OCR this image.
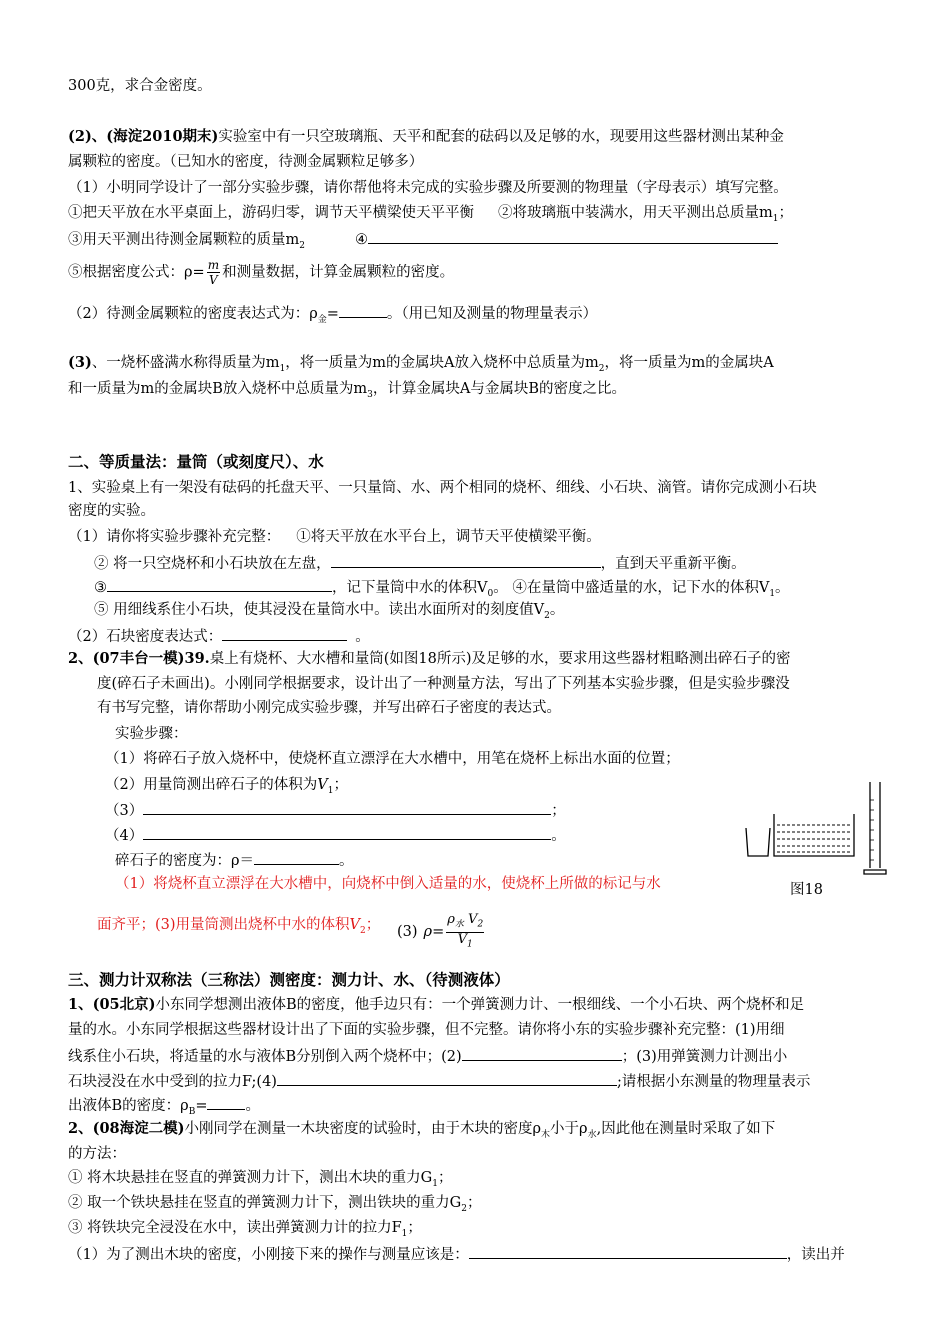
300克，求合金密度。
(2)、(海淀2010期末)实验室中有一只空玻璃瓶、天平和配套的砝码以及足够的水，现要用这些器材测出某种金
属颗粒的密度。（已知水的密度，待测金属颗粒足够多）
（1）小明同学设计了一部分实验步骤，请你帮他将未完成的实验步骤及所要测的物理量（字母表示）填写完整。
①把天平放在水平桌面上，游码归零，调节天平横梁使天平平衡 ②将玻璃瓶中装满水，用天平测出总质量$m_1$；
③用天平测出待测金属颗粒的质量$m_2$	④
⑤根据密度公式：$\rho= \frac{m}{V}$ 和测量数据，计算金属颗粒的密度。
（2）待测金属颗粒的密度表达式为：$\rho_金=$	。（用已知及测量的物理量表示）
(3)、一烧杯盛满水称得质量为$m_1$，将一质量为m的金属块A放入烧杯中总质量为$m_2$，将一质量为m的金属块A
和一质量为m的金属块B放入烧杯中总质量为$m_3$，计算金属块A与金属块B的密度之比。
二、等质量法：量筒（或刻度尺）、水
1、实验桌上有一架没有砝码的托盘天平、一只量筒、水、两个相同的烧杯、细线、小石块、滴管。请你完成测小石块
密度的实验。
（1）请你将实验步骤补充完整： ①将天平放在水平台上，调节天平使横梁平衡。
② 将一只空烧杯和小石块放在左盘，	，直到天平重新平衡。
③	，记下量筒中水的体积$V_0$。 ④在量筒中盛适量的水，记下水的体积$V_1$。
⑤ 用细线系住小石块，使其浸没在量筒水中。读出水面所对的刻度值$V_2$。
（2）石块密度表达式：	。
2、(07丰台一模)39.桌上有烧杯、大水槽和量筒(如图18所示)及足够的水，要求用这些器材粗略测出碎石子的密
度(碎石子未画出)。小刚同学根据要求，设计出了一种测量方法，写出了下列基本实验步骤，但是实验步骤没
有书写完整，请你帮助小刚完成实验步骤，并写出碎石子密度的表达式。
实验步骤：
（1）将碎石子放入烧杯中，使烧杯直立漂浮在大水槽中，用笔在烧杯上标出水面的位置；
（2）用量筒测出碎石子的体积为$V_1$；
（3）	；
（4）	。
碎石子的密度为：ρ＝	。
（1）将烧杯直立漂浮在大水槽中，向烧杯中倒入适量的水，使烧杯上所做的标记与水	图18
面齐平；(3)用量筒测出烧杯中水的体积$V_2$； (3) $\rho= \frac{\rho_水 V_2}{V_1}$
三、测力计双称法（三称法）测密度：测力计、水、（待测液体）
1、(05北京)小东同学想测出液体B的密度，他手边只有：一个弹簧测力计、一根细线、一个小石块、两个烧杯和足
量的水。小东同学根据这些器材设计出了下面的实验步骤，但不完整。请你将小东的实验步骤补充完整：(1)用细
线系住小石块，将适量的水与液体B分别倒入两个烧杯中；(2)	；(3)用弹簧测力计测出小
石块浸没在水中受到的拉力F;(4)	;请根据小东测量的物理量表示
出液体B的密度：$\rho_B=$	。
2、(08海淀二模)小刚同学在测量一木块密度的试验时，由于木块的密度$\rho_木$小于$\rho_水$,因此他在测量时采取了如下
的方法：
① 将木块悬挂在竖直的弹簧测力计下，测出木块的重力$G_1$；
② 取一个铁块悬挂在竖直的弹簧测力计下，测出铁块的重力$G_2$；
③ 将铁块完全浸没在水中，读出弹簧测力计的拉力$F_1$；
（1）为了测出木块的密度，小刚接下来的操作与测量应该是：	，读出并
